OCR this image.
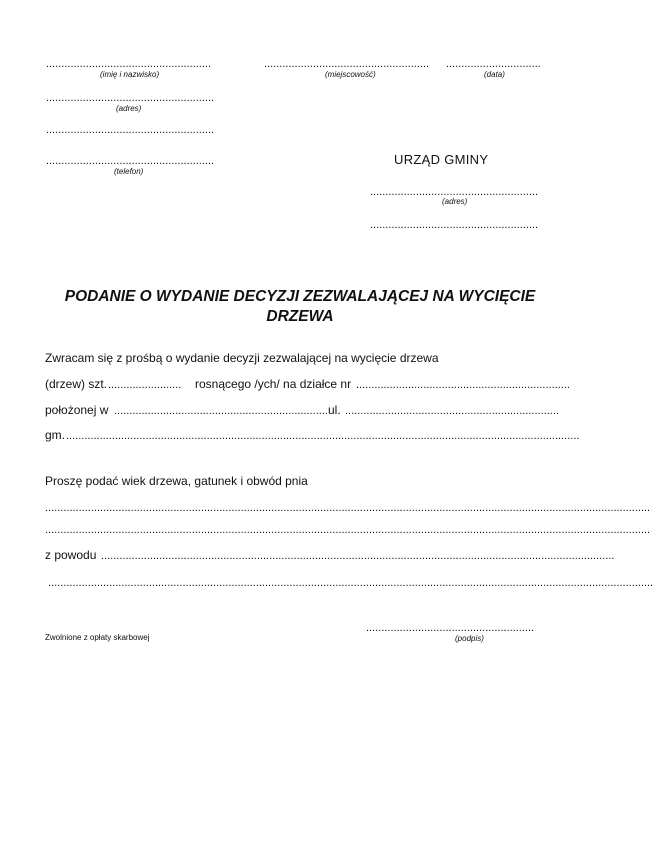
......................................................
(imię i nazwisko)
......................................................
(miejscowość)
...............................
(data)
.......................................................
(adres)
.......................................................
.......................................................
(telefon)
URZĄD GMINY
.......................................................
(adres)
.......................................................
PODANIE O WYDANIE DECYZJI ZEZWALAJĄCEJ NA WYCIĘCIE DRZEWA
Zwracam się z prośbą o wydanie decyzji zezwalającej na wycięcie drzewa
(drzew) szt. ........................	rosnącego /ych/ na działce nr ......................................................................
położonej w ...................................................................... ul. ......................................................................
gm. ........................................................................................................................................................................
Proszę podać wiek drzewa, gatunek i obwód pnia
......................................................................................................................................................................................................
......................................................................................................................................................................................................
z powodu ........................................................................................................................................................................
......................................................................................................................................................................................................
Zwolnione z opłaty skarbowej
.......................................................
(podpis)
